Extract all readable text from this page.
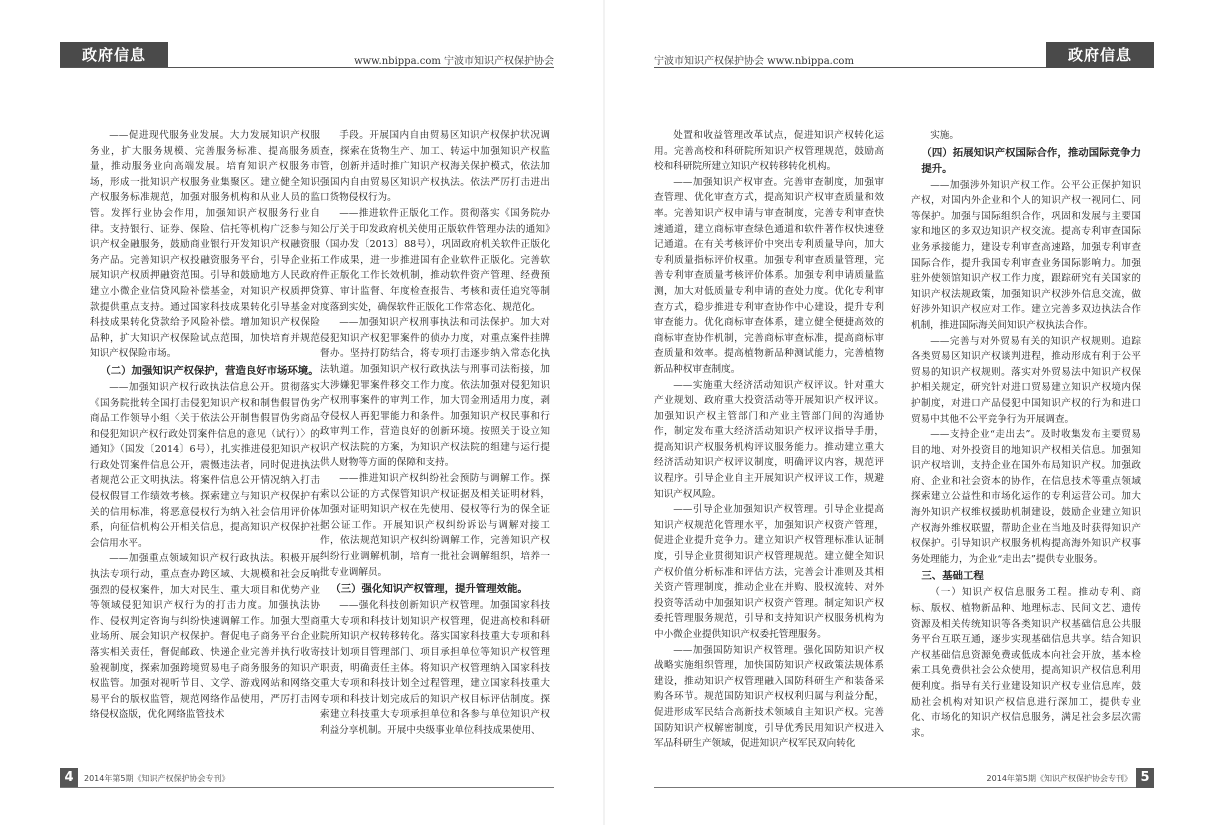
政府信息	www.nbippa.com 宁波市知识产权保护协会

——促进现代服务业发展。大力发展知识产权服务业，扩大服务规模、完善服务标准、提高服务质量，推动服务业向高端发展。培育知识产权服务市场，形成一批知识产权服务业集聚区。建立健全知识产权服务标准规范，加强对服务机构和从业人员的监管。发挥行业协会作用，加强知识产权服务行业自律。支持银行、证券、保险、信托等机构广泛参与知识产权金融服务，鼓励商业银行开发知识产权融资服务产品。完善知识产权投融资服务平台，引导企业拓展知识产权质押融资范围。引导和鼓励地方人民政府建立小微企业信贷风险补偿基金，对知识产权质押贷款提供重点支持。通过国家科技成果转化引导基金对科技成果转化贷款给予风险补偿。增加知识产权保险品种，扩大知识产权保险试点范围，加快培育并规范知识产权保险市场。

（二）加强知识产权保护，营造良好市场环境。

——加强知识产权行政执法信息公开。贯彻落实《国务院批转全国打击侵犯知识产权和制售假冒伪劣商品工作领导小组〈关于依法公开制售假冒伪劣商品和侵犯知识产权行政处罚案件信息的意见（试行）〉的通知》（国发〔2014〕6号），扎实推进侵犯知识产权行政处罚案件信息公开，震慑违法者，同时促进执法者规范公正文明执法。将案件信息公开情况纳入打击侵权假冒工作绩效考核。探索建立与知识产权保护有关的信用标准，将恶意侵权行为纳入社会信用评价体系，向征信机构公开相关信息，提高知识产权保护社会信用水平。

——加强重点领域知识产权行政执法。积极开展执法专项行动，重点查办跨区域、大规模和社会反响强烈的侵权案件，加大对民生、重大项目和优势产业等领域侵犯知识产权行为的打击力度。加强执法协作、侵权判定咨询与纠纷快速调解工作。加强大型商业场所、展会知识产权保护。督促电子商务平台企业落实相关责任，督促邮政、快递企业完善并执行收寄验视制度，探索加强跨境贸易电子商务服务的知识产权监管。加强对视听节目、文学、游戏网站和网络交易平台的版权监管，规范网络作品使用，严厉打击网络侵权盗版，优化网络监管技术

手段。开展国内自由贸易区知识产权保护状况调查，探索在货物生产、加工、转运中加强知识产权监管，创新并适时推广知识产权海关保护模式，依法加强国内自由贸易区知识产权执法。依法严厉打击进出口货物侵权行为。

——推进软件正版化工作。贯彻落实《国务院办公厅关于印发政府机关使用正版软件管理办法的通知》（国办发〔2013〕88号），巩固政府机关软件正版化工作成果，进一步推进国有企业软件正版化。完善软件正版化工作长效机制，推动软件资产管理、经费预算、审计监督、年度检查报告、考核和责任追究等制度落到实处，确保软件正版化工作常态化、规范化。

——加强知识产权刑事执法和司法保护。加大对侵犯知识产权犯罪案件的侦办力度，对重点案件挂牌督办。坚持打防结合，将专项打击逐步纳入常态化执法轨道。加强知识产权行政执法与刑事司法衔接，加大涉嫌犯罪案件移交工作力度。依法加强对侵犯知识产权刑事案件的审判工作，加大罚金刑适用力度，剥夺侵权人再犯罪能力和条件。加强知识产权民事和行政审判工作，营造良好的创新环境。按照关于设立知识产权法院的方案，为知识产权法院的组建与运行提供人财物等方面的保障和支持。

——推进知识产权纠纷社会预防与调解工作。探索以公证的方式保管知识产权证据及相关证明材料，加强对证明知识产权在先使用、侵权等行为的保全证据公证工作。开展知识产权纠纷诉讼与调解对接工作，依法规范知识产权纠纷调解工作，完善知识产权纠纷行业调解机制，培育一批社会调解组织，培养一批专业调解员。

（三）强化知识产权管理，提升管理效能。

——强化科技创新知识产权管理。加强国家科技重大专项和科技计划知识产权管理，促进高校和科研院所知识产权转移转化。落实国家科技重大专项和科技计划项目管理部门、项目承担单位等知识产权管理职责，明确责任主体。将知识产权管理纳入国家科技重大专项和科技计划全过程管理，建立国家科技重大专项和科技计划完成后的知识产权目标评估制度。探索建立科技重大专项承担单位和各参与单位知识产权利益分享机制。开展中央级事业单位科技成果使用、

4	2014年第5期《知识产权保护协会专刊》
宁波市知识产权保护协会 www.nbippa.com	政府信息

处置和收益管理改革试点，促进知识产权转化运用。完善高校和科研院所知识产权管理规范，鼓励高校和科研院所建立知识产权转移转化机构。

——加强知识产权审查。完善审查制度，加强审查管理、优化审查方式，提高知识产权审查质量和效率。完善知识产权申请与审查制度，完善专利审查快速通道，建立商标审查绿色通道和软件著作权快速登记通道。在有关考核评价中突出专利质量导向，加大专利质量指标评价权重。加强专利审查质量管理，完善专利审查质量考核评价体系。加强专利申请质量监测，加大对低质量专利申请的查处力度。优化专利审查方式，稳步推进专利审查协作中心建设，提升专利审查能力。优化商标审查体系，建立健全便捷高效的商标审查协作机制，完善商标审查标准，提高商标审查质量和效率。提高植物新品种测试能力，完善植物新品种权审查制度。

——实施重大经济活动知识产权评议。针对重大产业规划、政府重大投资活动等开展知识产权评议。加强知识产权主管部门和产业主管部门间的沟通协作，制定发布重大经济活动知识产权评议指导手册，提高知识产权服务机构评议服务能力。推动建立重大经济活动知识产权评议制度，明确评议内容，规范评议程序。引导企业自主开展知识产权评议工作，规避知识产权风险。

——引导企业加强知识产权管理。引导企业提高知识产权规范化管理水平，加强知识产权资产管理，促进企业提升竞争力。建立知识产权管理标准认证制度，引导企业贯彻知识产权管理规范。建立健全知识产权价值分析标准和评估方法，完善会计准则及其相关资产管理制度，推动企业在并购、股权流转、对外投资等活动中加强知识产权资产管理。制定知识产权委托管理服务规范，引导和支持知识产权服务机构为中小微企业提供知识产权委托管理服务。

——加强国防知识产权管理。强化国防知识产权战略实施组织管理，加快国防知识产权政策法规体系建设，推动知识产权管理融入国防科研生产和装备采购各环节。规范国防知识产权权利归属与利益分配，促进形成军民结合高新技术领域自主知识产权。完善国防知识产权解密制度，引导优秀民用知识产权进入军品科研生产领域，促进知识产权军民双向转化

实施。

（四）拓展知识产权国际合作，推动国际竞争力提升。

——加强涉外知识产权工作。公平公正保护知识产权，对国内外企业和个人的知识产权一视同仁、同等保护。加强与国际组织合作，巩固和发展与主要国家和地区的多双边知识产权交流。提高专利审查国际业务承接能力，建设专利审查高速路，加强专利审查国际合作，提升我国专利审查业务国际影响力。加强驻外使领馆知识产权工作力度，跟踪研究有关国家的知识产权法规政策，加强知识产权涉外信息交流，做好涉外知识产权应对工作。建立完善多双边执法合作机制，推进国际海关间知识产权执法合作。

——完善与对外贸易有关的知识产权规则。追踪各类贸易区知识产权谈判进程，推动形成有利于公平贸易的知识产权规则。落实对外贸易法中知识产权保护相关规定，研究针对进口贸易建立知识产权境内保护制度，对进口产品侵犯中国知识产权的行为和进口贸易中其他不公平竞争行为开展调查。

——支持企业“走出去”。及时收集发布主要贸易目的地、对外投资目的地知识产权相关信息。加强知识产权培训，支持企业在国外布局知识产权。加强政府、企业和社会资本的协作，在信息技术等重点领域探索建立公益性和市场化运作的专利运营公司。加大海外知识产权维权援助机制建设，鼓励企业建立知识产权海外维权联盟，帮助企业在当地及时获得知识产权保护。引导知识产权服务机构提高海外知识产权事务处理能力，为企业“走出去”提供专业服务。

三、基础工程

（一）知识产权信息服务工程。推动专利、商标、版权、植物新品种、地理标志、民间文艺、遗传资源及相关传统知识等各类知识产权基础信息公共服务平台互联互通，逐步实现基础信息共享。结合知识产权基础信息资源免费或低成本向社会开放，基本检索工具免费供社会公众使用，提高知识产权信息利用便利度。指导有关行业建设知识产权专业信息库，鼓励社会机构对知识产权信息进行深加工，提供专业化、市场化的知识产权信息服务，满足社会多层次需求。

2014年第5期《知识产权保护协会专刊》 5
